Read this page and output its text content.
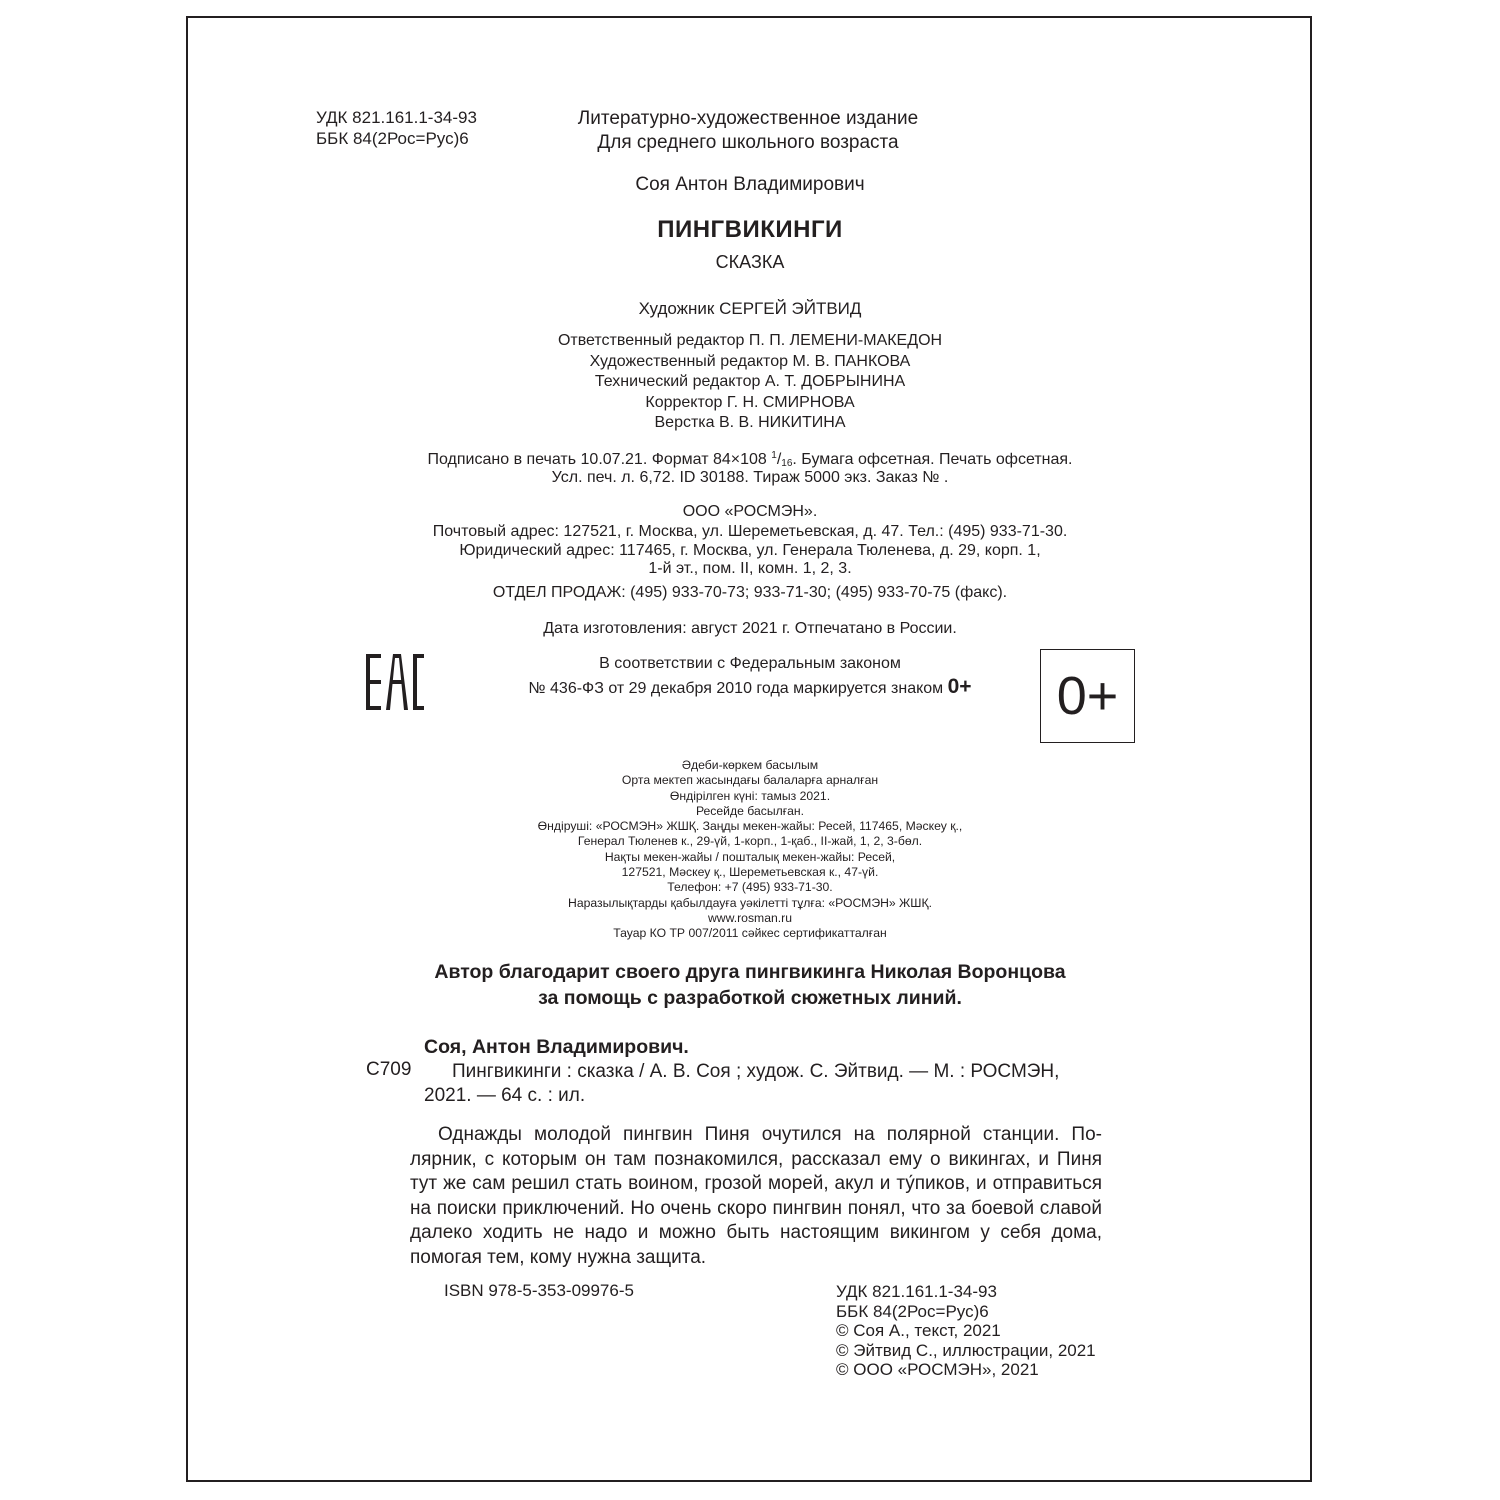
УДК 821.161.1-34-93
ББК 84(2Рос=Рус)6
Литературно-художественное издание
Для среднего школьного возраста
Соя Антон Владимирович
ПИНГВИКИНГИ
СКАЗКА
Художник СЕРГЕЙ ЭЙТВИД
Ответственный редактор П. П. ЛЕМЕНИ-МАКЕДОН
Художественный редактор М. В. ПАНКОВА
Технический редактор А. Т. ДОБРЫНИНА
Корректор Г. Н. СМИРНОВА
Верстка В. В. НИКИТИНА
Подписано в печать 10.07.21. Формат 84×108 $^1/_{16}$. Бумага офсетная. Печать офсетная.
Усл. печ. л. 6,72. ID 30188. Тираж 5000 экз. Заказ № .
ООО «РОСМЭН».
Почтовый адрес: 127521, г. Москва, ул. Шереметьевская, д. 47. Тел.: (495) 933-71-30.
Юридический адрес: 117465, г. Москва, ул. Генерала Тюленева, д. 29, корп. 1,
1-й эт., пом. II, комн. 1, 2, 3.
ОТДЕЛ ПРОДАЖ: (495) 933-70-73; 933-71-30; (495) 933-70-75 (факс).
Дата изготовления: август 2021 г. Отпечатано в России.
В соответствии с Федеральным законом
№ 436-ФЗ от 29 декабря 2010 года маркируется знаком 0+	0+
Әдеби-көркем басылым
Орта мектеп жасындағы балаларға арналған
Өндірілген күні: тамыз 2021.
Ресейде басылған.
Өндіруші: «РОСМЭН» ЖШҚ. Заңды мекен-жайы: Ресей, 117465, Мәскеу қ.,
Генерал Тюленев к., 29-үй, 1-корп., 1-қаб., II-жай, 1, 2, 3-бөл.
Нақты мекен-жайы / пошталық мекен-жайы: Ресей,
127521, Мәскеу қ., Шереметьевская к., 47-үй.
Телефон: +7 (495) 933-71-30.
Наразылықтарды қабылдауға уәкілетті тұлға: «РОСМЭН» ЖШҚ.
www.rosman.ru
Тауар КО ТР 007/2011 сәйкес сертификатталған
Автор благодарит своего друга пингвикинга Николая Воронцова
за помощь с разработкой сюжетных линий.
Соя, Антон Владимирович.
С709 Пингвикинги : сказка / А. В. Соя ; худож. С. Эйтвид. — М. : РОСМЭН,
2021. — 64 с. : ил.
Однажды молодой пингвин Пиня очутился на полярной станции. Полярник, с которым он там познакомился, рассказал ему о викингах, и Пиня тут же сам решил стать воином, грозой морей, акул и ту́пиков, и отправиться на поиски приключений. Но очень скоро пингвин понял, что за боевой славой далеко ходить не надо и можно быть настоящим викингом у себя дома, помогая тем, кому нужна защита.
ISBN 978-5-353-09976-5	УДК 821.161.1-34-93
ББК 84(2Рос=Рус)6
© Соя А., текст, 2021
© Эйтвид С., иллюстрации, 2021
© ООО «РОСМЭН», 2021
